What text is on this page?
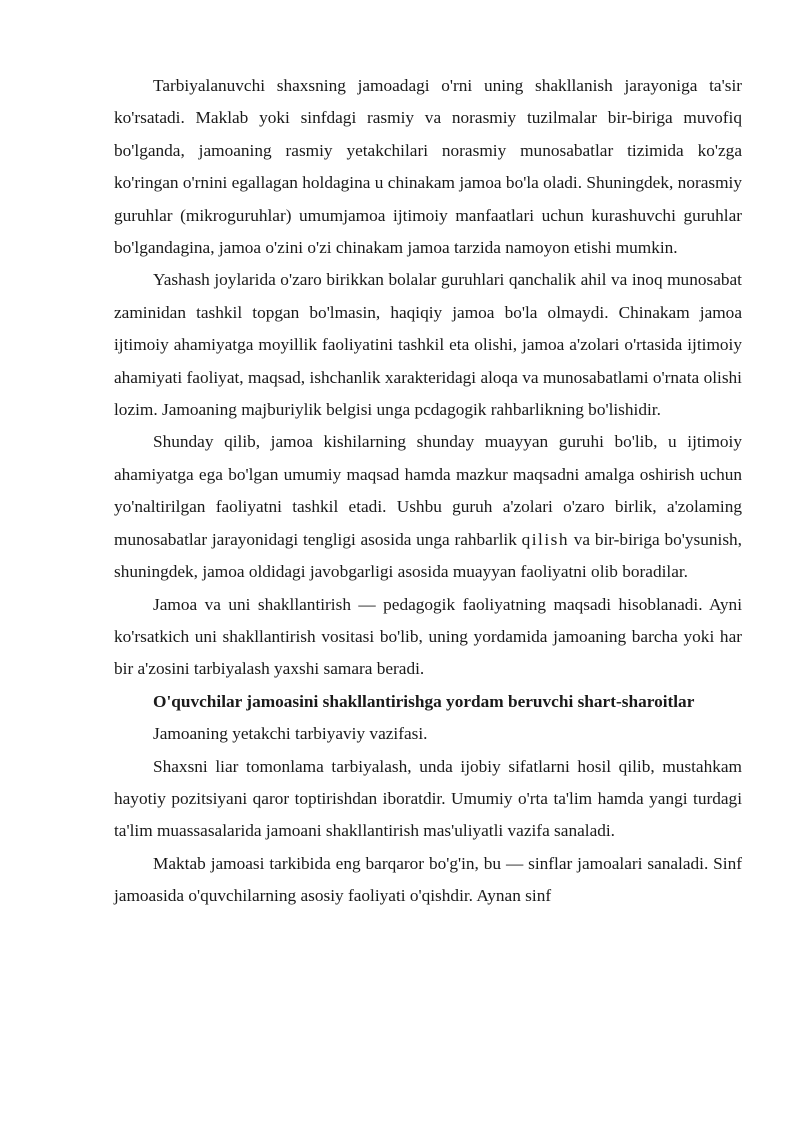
Tarbiyalanuvchi shaxsning jamoadagi o'rni uning shakllanish jarayoniga ta'sir ko'rsatadi. Maklab yoki sinfdagi rasmiy va norasmiy tuzilmalar bir-biriga muvofiq bo'lganda, jamoaning rasmiy yetakchilari norasmiy munosabatlar tizimida ko'zga ko'ringan o'rnini egallagan holdagina u chinakam jamoa bo'la oladi. Shuningdek, norasmiy guruhlar (mikroguruhlar) umumjamoa ijtimoiy manfaatlari uchun kurashuvchi guruhlar bo'lgandagina, jamoa o'zini o'zi chinakam jamoa tarzida namoyon etishi mumkin.

Yashash joylarida o'zaro birikkan bolalar guruhlari qanchalik ahil va inoq munosabat zaminidan tashkil topgan bo'lmasin, haqiqiy jamoa bo'la olmaydi. Chinakam jamoa ijtimoiy ahamiyatga moyillik faoliyatini tashkil eta olishi, jamoa a'zolari o'rtasida ijtimoiy ahamiyati faoliyat, maqsad, ishchanlik xarakteridagi aloqa va munosabatlami o'rnata olishi lozim. Jamoaning majburiylik belgisi unga pcdagogik rahbarlikning bo'lishidir.

Shunday qilib, jamoa kishilarning shunday muayyan guruhi bo'lib, u ijtimoiy ahamiyatga ega bo'lgan umumiy maqsad hamda mazkur maqsadni amalga oshirish uchun yo'naltirilgan faoliyatni tashkil etadi. Ushbu guruh a'zolari o'zaro birlik, a'zolaming munosabatlar jarayonidagi tengligi asosida unga rahbarlik qilish va bir-biriga bo'ysunish, shuningdek, jamoa oldidagi javobgarligi asosida muayyan faoliyatni olib boradilar.

Jamoa va uni shakllantirish — pedagogik faoliyatning maqsadi hisoblanadi. Ayni ko'rsatkich uni shakllantirish vositasi bo'lib, uning yordamida jamoaning barcha yoki har bir a'zosini tarbiyalash yaxshi samara beradi.

O'quvchilar jamoasini shakllantirishga yordam beruvchi shart-sharoitlar

Jamoaning yetakchi tarbiyaviy vazifasi.

Shaxsni liar tomonlama tarbiyalash, unda ijobiy sifatlarni hosil qilib, mustahkam hayotiy pozitsiyani qaror toptirishdan iboratdir. Umumiy o'rta ta'lim hamda yangi turdagi ta'lim muassasalarida jamoani shakllantirish mas'uliyatli vazifa sanaladi.

Maktab jamoasi tarkibida eng barqaror bo'g'in, bu — sinflar jamoalari sanaladi. Sinf jamoasida o'quvchilarning asosiy faoliyati o'qishdir. Aynan sinf
